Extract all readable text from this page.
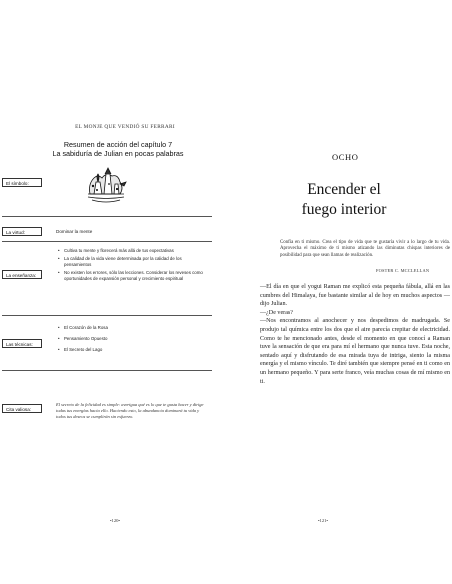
EL MONJE QUE VENDIÓ SU FERRARI
Resumen de acción del capítulo 7
La sabiduría de Julian en pocas palabras
El símbolo:
La virtud:	Dominar la mente
La enseñanza:
• Cultiva tu mente y florecerá más allá de tus expectativas
• La calidad de la vida viene determinada por la calidad de los pensamientos
• No existen los errores, sólo las lecciones. Considerar los reveses como oportunidades de expansión personal y crecimiento espiritual
Las técnicas:
• El Corazón de la Rosa
• Pensamiento Opuesto
• El Secreto del Lago
Cita valiosa:
El secreto de la felicidad es simple: averigua qué es lo que te gusta hacer y dirige todas tus energías hacia ello. Haciendo esto, la abundancia dominará tu vida y todos tus deseos se cumplirán sin esfuerzo.
•120•
OCHO
Encender el
fuego interior
Confía en ti mismo. Crea el tipo de vida que te gustaría vivir a lo largo de tu vida. Aprovecha el máximo de ti mismo atizando las diminutas chispas interiores de posibilidad para que sean llamas de realización.
FOSTER C. MCCLELLAN

—El día en que el yogui Raman me explicó esta pequeña fábula, allá en las cumbres del Himalaya, fue bastante similar al de hoy en muchos aspectos —dijo Julian.

—¿De veras?

—Nos encontramos al anochecer y nos despedimos de madrugada. Se produjo tal química entre los dos que el aire parecía crepitar de electricidad. Como te he mencionado antes, desde el momento en que conocí a Raman tuve la sensación de que era para mí el hermano que nunca tuve. Esta noche, sentado aquí y disfrutando de esa mirada tuya de intriga, siento la misma energía y el mismo vínculo. Te diré también que siempre pensé en ti como en un hermano pequeño. Y para serte franco, veía muchas cosas de mí mismo en ti.

•121•
